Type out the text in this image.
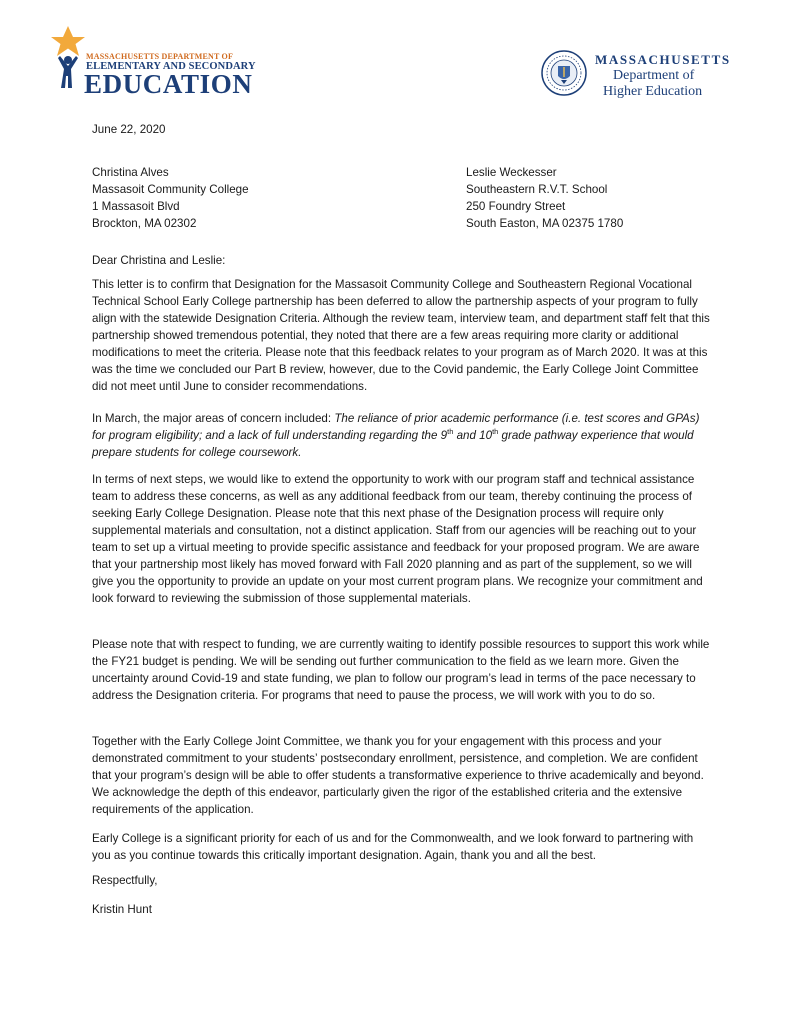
MASSACHUSETTS DEPARTMENT OF
ELEMENTARY AND SECONDARY
EDUCATION
MASSACHUSETTS
Department of
Higher Education
June 22, 2020
Christina Alves
Massasoit Community College
1 Massasoit Blvd
Brockton, MA 02302
Leslie Weckesser
Southeastern R.V.T. School
250 Foundry Street
South Easton, MA 02375 1780
Dear Christina and Leslie:

This letter is to confirm that Designation for the Massasoit Community College and Southeastern Regional Vocational Technical School Early College partnership has been deferred to allow the partnership aspects of your program to fully align with the statewide Designation Criteria. Although the review team, interview team, and department staff felt that this partnership showed tremendous potential, they noted that there are a few areas requiring more clarity or additional modifications to meet the criteria. Please note that this feedback relates to your program as of March 2020. It was at this was the time we concluded our Part B review, however, due to the Covid pandemic, the Early College Joint Committee did not meet until June to consider recommendations.

In March, the major areas of concern included: The reliance of prior academic performance (i.e. test scores and GPAs) for program eligibility; and a lack of full understanding regarding the 9th and 10th grade pathway experience that would prepare students for college coursework.

In terms of next steps, we would like to extend the opportunity to work with our program staff and technical assistance team to address these concerns, as well as any additional feedback from our team, thereby continuing the process of seeking Early College Designation. Please note that this next phase of the Designation process will require only supplemental materials and consultation, not a distinct application. Staff from our agencies will be reaching out to your team to set up a virtual meeting to provide specific assistance and feedback for your proposed program. We are aware that your partnership most likely has moved forward with Fall 2020 planning and as part of the supplement, so we will give you the opportunity to provide an update on your most current program plans. We recognize your commitment and look forward to reviewing the submission of those supplemental materials.

Please note that with respect to funding, we are currently waiting to identify possible resources to support this work while the FY21 budget is pending. We will be sending out further communication to the field as we learn more. Given the uncertainty around Covid-19 and state funding, we plan to follow our program’s lead in terms of the pace necessary to address the Designation criteria. For programs that need to pause the process, we will work with you to do so.

Together with the Early College Joint Committee, we thank you for your engagement with this process and your demonstrated commitment to your students’ postsecondary enrollment, persistence, and completion. We are confident that your program’s design will be able to offer students a transformative experience to thrive academically and beyond. We acknowledge the depth of this endeavor, particularly given the rigor of the established criteria and the extensive requirements of the application.

Early College is a significant priority for each of us and for the Commonwealth, and we look forward to partnering with you as you continue towards this critically important designation. Again, thank you and all the best.

Respectfully,
Kristin Hunt
